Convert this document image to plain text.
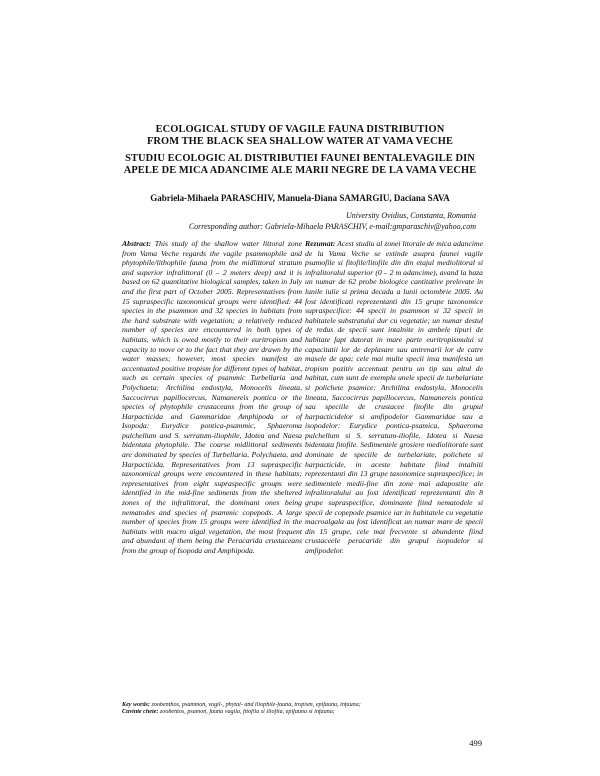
ECOLOGICAL STUDY OF VAGILE FAUNA DISTRIBUTION
FROM THE BLACK SEA SHALLOW WATER AT VAMA VECHE
STUDIU ECOLOGIC AL DISTRIBUTIEI FAUNEI BENTALEVAGILE DIN
APELE DE MICA ADANCIME ALE MARII NEGRE DE LA VAMA VECHE
Gabriela-Mihaela PARASCHIV, Manuela-Diana SAMARGIU, Daciana SAVA
University Ovidius, Constanta, Romania
Corresponding author: Gabriela-Mihaela PARASCHIV, e-mail:gmparaschiv@yahoo.com
Abstract: This study of the shallow water littoral zone from Vama Veche regards the vagile psammophile and phytophile/lithophile fauna from the midlittoral stratum and superior infralittoral (0 – 2 meters deep) and it is based on 62 quantitative biological samples, taken in July and the first part of October 2005. Representatives from 15 supraspecific taxonomical groups were identified: 44 species in the psammon and 32 species in habitats from the hard substrate with vegetation; a relatively reduced number of species are encountered in both types of habitats, which is owed mostly to their euritropism and capacity to move or to the fact that they are drawn by the water masses; however, most species manifest an accentuated positive tropism for different types of habitat, such as certain species of psammic Turbellaria and Polychaeta: Archilina endostyla, Monocelis lineata, Saccocirrus papillocercus, Namanereis pontica or the species of phytophile crustaceans from the group of Harpacticida and Gammaridae Amphipoda or of Isopoda: Eurydice pontica-psammic, Sphaeroma pulchellum and S. serratum-iliophile, Idotea and Naesa bidentata phytophile. The coarse midlittoral sediments are dominated by species of Turbellaria, Polychaeta, and Harpacticida. Representatives from 13 supraspecific taxonomical groups were encountered in these habitats; representatives from eight supraspecific groups were identified in the mid-fine sediments from the sheltered zones of the infralittoral, the dominant ones being nematodes and species of psammic copepods. A large number of species from 15 groups were identified in the habitats with macro algal vegetation, the most frequent and abundant of them being the Peracarida crustaceans from the group of Isopoda and Amphipoda.
Rezumat: Acest studiu al zonei litorale de mica adancime de la Vama Veche se extinde asupra faunei vagile psamofile si fitofile/litofile din din etajul mediolitoral si infralitoralul superior (0 – 2 m adancime), avand la baza un numar de 62 probe biologice cantitative prelevate in lunile iulie si prima decada a lunii octombrie 2005. Au fost identificati reprezentanti din 15 grupe taxonomice supraspecifice: 44 specii in psammon si 32 specii in habitatele substratului dur cu vegetatie; un numar destul de redus de specii sunt intalnite in ambele tipuri de habitate fapt datorat in mare parte euritropismului si capacitatii lor de deplasare sau antrenarii lor de catre masele de apa; cele mai multe specii insa manifesta un tropism pozitiv accentuat pentru un tip sau altul de habitat, cum sunt de exemplu unele specii de turbelariate si polichete psamice: Archilina endostyla, Monocelis lineata, Saccocirrus papillocercus, Namanereis pontica sau speciile de crustacee fitofile din grupul harpacticidelor si amfipodelor Gammaridae sau a isopodelor: Eurydice pontica-psamica, Sphaeroma pulchellum si S. serratum-iliofile, Idotea si Naesa bidentata fitofile. Sedimentele grosiere mediolitorale sunt dominate de speciile de turbelariate, polichete si harpacticide, in aceste habitate fiind intalniti reprezentanti din 13 grupe taxonomice supraspecifice; in sedimentele medii-fine din zone mai adapostite ale infralitoralului au fost identificati reprezentanti din 8 grupe supraspecifice, dominante fiind nematodele si specii de copepode psamice iar in habitatele cu vegetatie macroalgala au fost identificat un numar mare de specii din 15 grupe, cele mai frecvente si abundente fiind crustaceele peracaride din grupul isopodelor si amfipodelor.
Key words: zoobenthos, psammon, vagil-, phytal- and iliophile-fauna, tropism, epifauna, infauna;
Cuvinte cheie: zoobentos, psamon, fauna vagila, fitofila si iliofila, epifauna si infauna;
499
